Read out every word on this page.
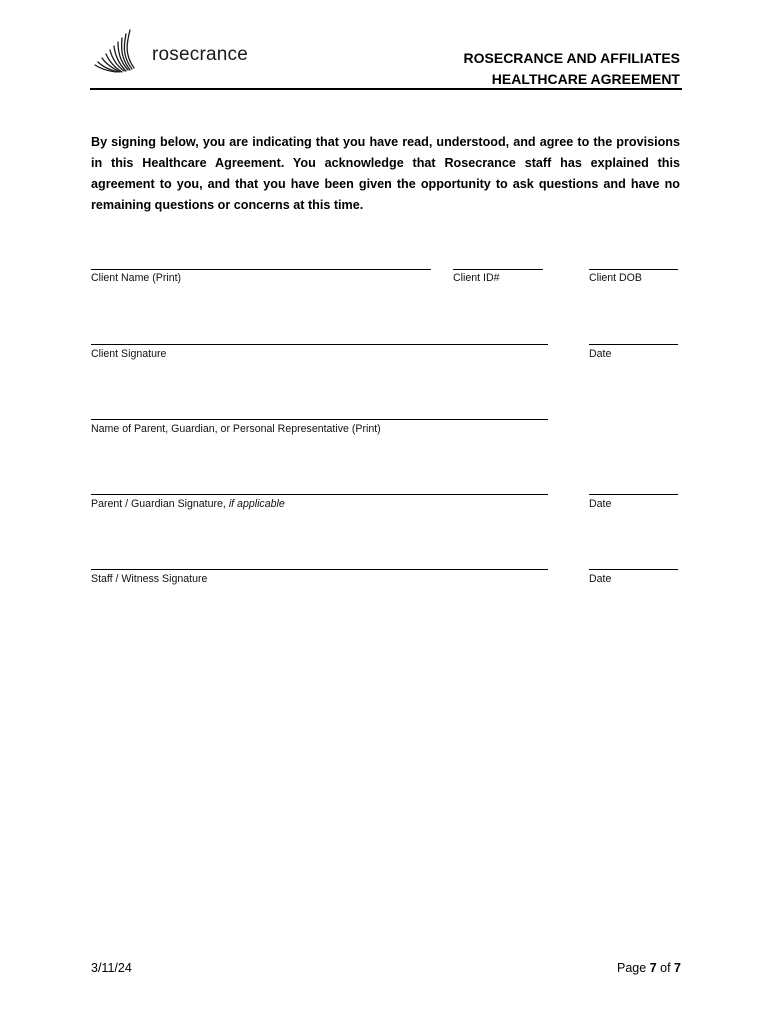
rosecrance	ROSECRANCE AND AFFILIATES
HEALTHCARE AGREEMENT
By signing below, you are indicating that you have read, understood, and agree to the provisions in this Healthcare Agreement. You acknowledge that Rosecrance staff has explained this agreement to you, and that you have been given the opportunity to ask questions and have no remaining questions or concerns at this time.
Client Name (Print)	Client ID#	Client DOB
Client Signature	Date
Name of Parent, Guardian, or Personal Representative (Print)
Parent / Guardian Signature, if applicable	Date
Staff / Witness Signature	Date
3/11/24	Page 7 of 7
